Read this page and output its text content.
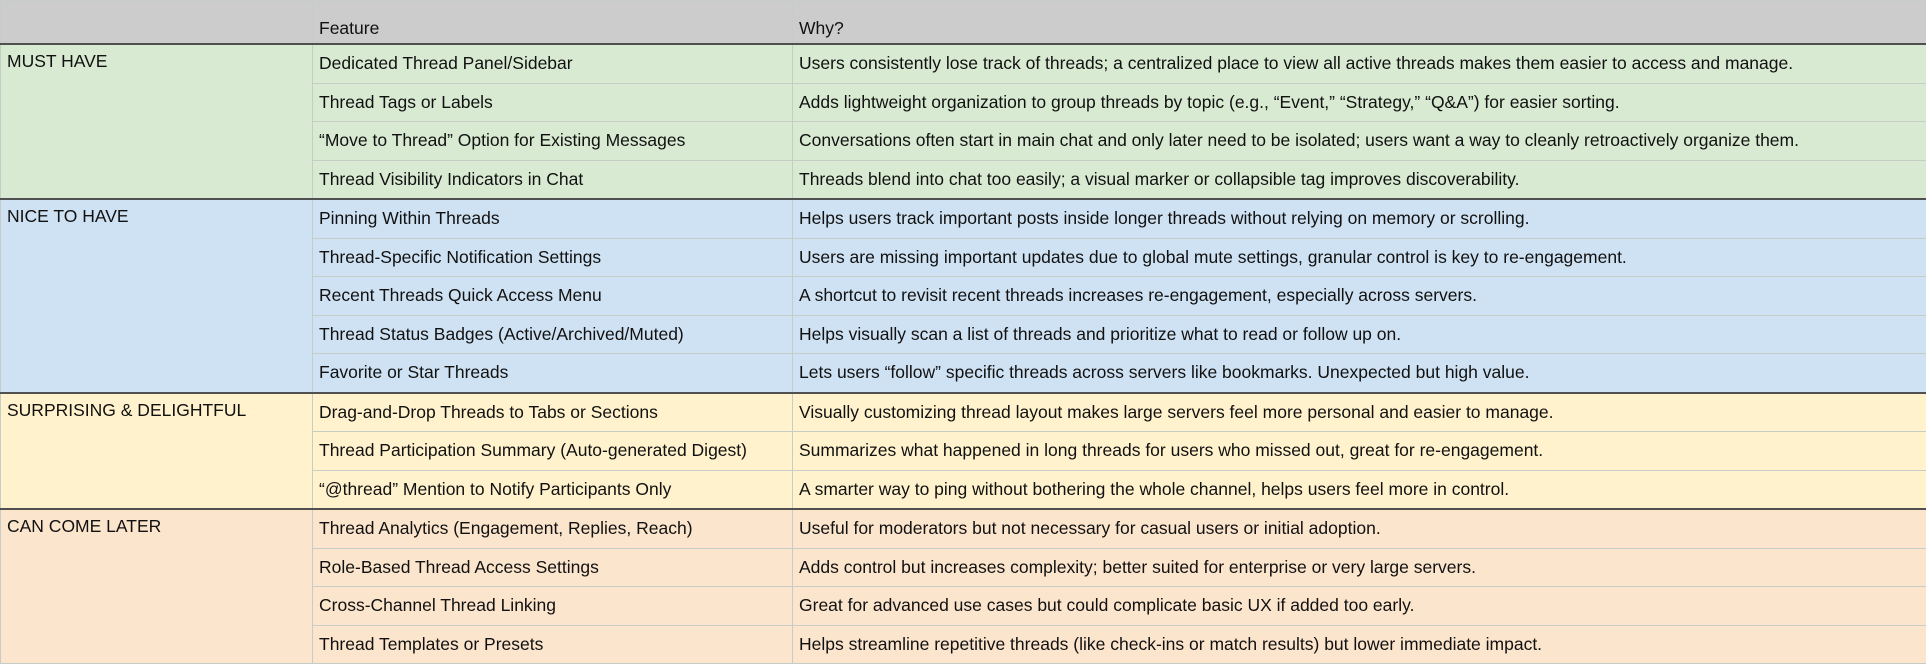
	Feature	Why?
MUST HAVE	Dedicated Thread Panel/Sidebar	Users consistently lose track of threads; a centralized place to view all active threads makes them easier to access and manage.
	Thread Tags or Labels	Adds lightweight organization to group threads by topic (e.g., “Event,” “Strategy,” “Q&A”) for easier sorting.
	“Move to Thread” Option for Existing Messages	Conversations often start in main chat and only later need to be isolated; users want a way to cleanly retroactively organize them.
	Thread Visibility Indicators in Chat	Threads blend into chat too easily; a visual marker or collapsible tag improves discoverability.
NICE TO HAVE	Pinning Within Threads	Helps users track important posts inside longer threads without relying on memory or scrolling.
	Thread-Specific Notification Settings	Users are missing important updates due to global mute settings, granular control is key to re-engagement.
	Recent Threads Quick Access Menu	A shortcut to revisit recent threads increases re-engagement, especially across servers.
	Thread Status Badges (Active/Archived/Muted)	Helps visually scan a list of threads and prioritize what to read or follow up on.
	Favorite or Star Threads	Lets users “follow” specific threads across servers like bookmarks. Unexpected but high value.
SURPRISING & DELIGHTFUL	Drag-and-Drop Threads to Tabs or Sections	Visually customizing thread layout makes large servers feel more personal and easier to manage.
	Thread Participation Summary (Auto-generated Digest)	Summarizes what happened in long threads for users who missed out, great for re-engagement.
	“@thread” Mention to Notify Participants Only	A smarter way to ping without bothering the whole channel, helps users feel more in control.
CAN COME LATER	Thread Analytics (Engagement, Replies, Reach)	Useful for moderators but not necessary for casual users or initial adoption.
	Role-Based Thread Access Settings	Adds control but increases complexity; better suited for enterprise or very large servers.
	Cross-Channel Thread Linking	Great for advanced use cases but could complicate basic UX if added too early.
	Thread Templates or Presets	Helps streamline repetitive threads (like check-ins or match results) but lower immediate impact.
